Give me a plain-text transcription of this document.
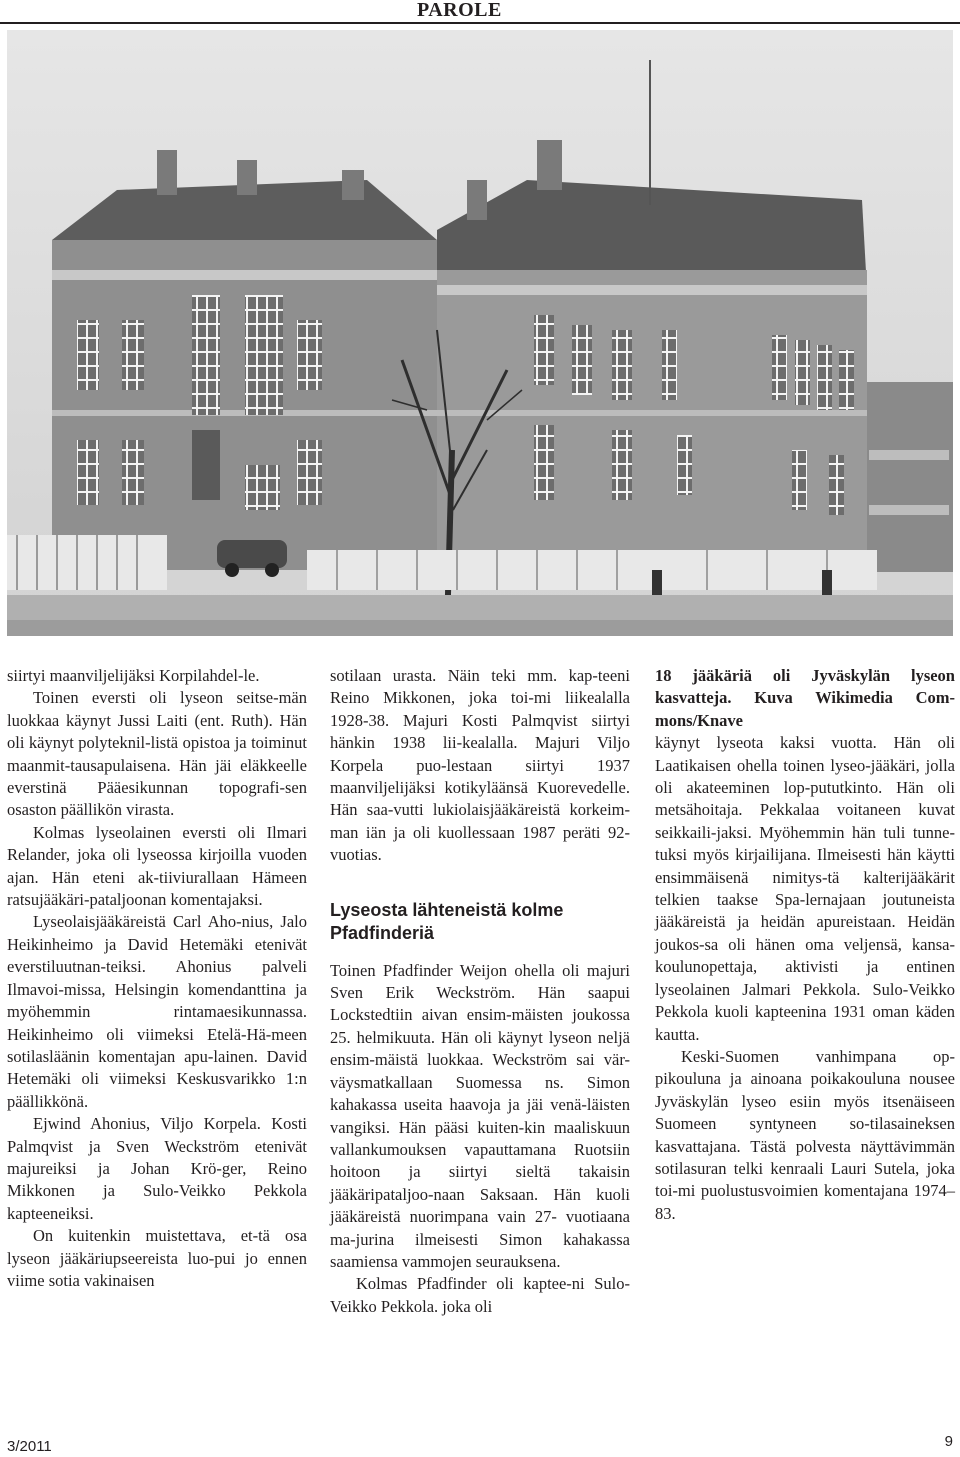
PAROLE

siirtyi maanviljelijäksi Korpilahdel-le.

Toinen eversti oli lyseon seitse-män luokkaa käynyt Jussi Laiti (ent. Ruth). Hän oli käynyt polyteknil-listä opistoa ja toiminut maanmit-tausapulaisena. Hän jäi eläkkeelle everstinä Pääesikunnan topografi-sen osaston päällikön virasta.

Kolmas lyseolainen eversti oli Ilmari Relander, joka oli lyseossa kirjoilla vuoden ajan. Hän eteni ak-tiiviurallaan Hämeen ratsujääkäri-pataljoonan komentajaksi.

Lyseolaisjääkäreistä Carl Aho-nius, Jalo Heikinheimo ja David Hetemäki etenivät everstiluutnan-teiksi. Ahonius palveli Ilmavoi-missa, Helsingin komendanttina ja myöhemmin rintamaesikunnassa. Heikinheimo oli viimeksi Etelä-Hä-meen sotilasläänin komentajan apu-lainen. David Hetemäki oli viimeksi Keskusvarikko 1:n päällikkönä.

Ejwind Ahonius, Viljo Korpela. Kosti Palmqvist ja Sven Weckström etenivät majureiksi ja Johan Krö-ger, Reino Mikkonen ja Sulo-Veikko Pekkola kapteeneiksi.

On kuitenkin muistettava, et-tä osa lyseon jääkäriupseereista luo-pui jo ennen viime sotia vakinaisen

sotilaan urasta. Näin teki mm. kap-teeni Reino Mikkonen, joka toi-mi liikealalla 1928-38. Majuri Kosti Palmqvist siirtyi hänkin 1938 lii-kealalla. Majuri Viljo Korpela puo-lestaan siirtyi 1937 maanviljelijäksi kotikyläänsä Kuorevedelle. Hän saa-vutti lukiolaisjääkäreistä korkeim-man iän ja oli kuollessaan 1987 peräti 92-vuotias.

Lyseosta lähteneistä kolme Pfadfinderiä

Toinen Pfadfinder Weijon ohella oli majuri Sven Erik Weckström. Hän saapui Lockstedtiin aivan ensim-mäisten joukossa 25. helmikuuta. Hän oli käynyt lyseon neljä ensim-mäistä luokkaa. Weckström sai vär-väysmatkallaan Suomessa ns. Simon kahakassa useita haavoja ja jäi venä-läisten vangiksi. Hän pääsi kuiten-kin maaliskuun vallankumouksen vapauttamana Ruotsiin hoitoon ja siirtyi sieltä takaisin jääkäripataljoo-naan Saksaan. Hän kuoli jääkäreistä nuorimpana vain 27- vuotiaana ma-jurina ilmeisesti Simon kahakassa saamiensa vammojen seurauksena.

Kolmas Pfadfinder oli kaptee-ni Sulo-Veikko Pekkola. joka oli

18 jääkäriä oli Jyväskylän lyseon kasvatteja. Kuva Wikimedia Com-mons/Knave

käynyt lyseota kaksi vuotta. Hän oli Laatikaisen ohella toinen lyseo-jääkäri, jolla oli akateeminen lop-pututkinto. Hän oli metsähoitaja. Pekkalaa voitaneen kuvat seikkaili-jaksi. Myöhemmin hän tuli tunne-tuksi myös kirjailijana. Ilmeisesti hän käytti ensimmäisenä nimitys-tä kalterijääkärit telkien taakse Spa-lernajaan joutuneista jääkäreistä ja heidän apureistaan. Heidän joukos-sa oli hänen oma veljensä, kansa-koulunopettaja, aktivisti ja entinen lyseolainen Jalmari Pekkola. Sulo-Veikko Pekkola kuoli kapteenina 1931 oman käden kautta.

Keski-Suomen vanhimpana op-pikouluna ja ainoana poikakouluna nousee Jyväskylän lyseo esiin myös itsenäiseen Suomeen syntyneen so-tilasaineksen kasvattajana. Tästä polvesta näyttävimmän sotilasuran telki kenraali Lauri Sutela, joka toi-mi puolustusvoimien komentajana 1974–83.

3/2011	9
